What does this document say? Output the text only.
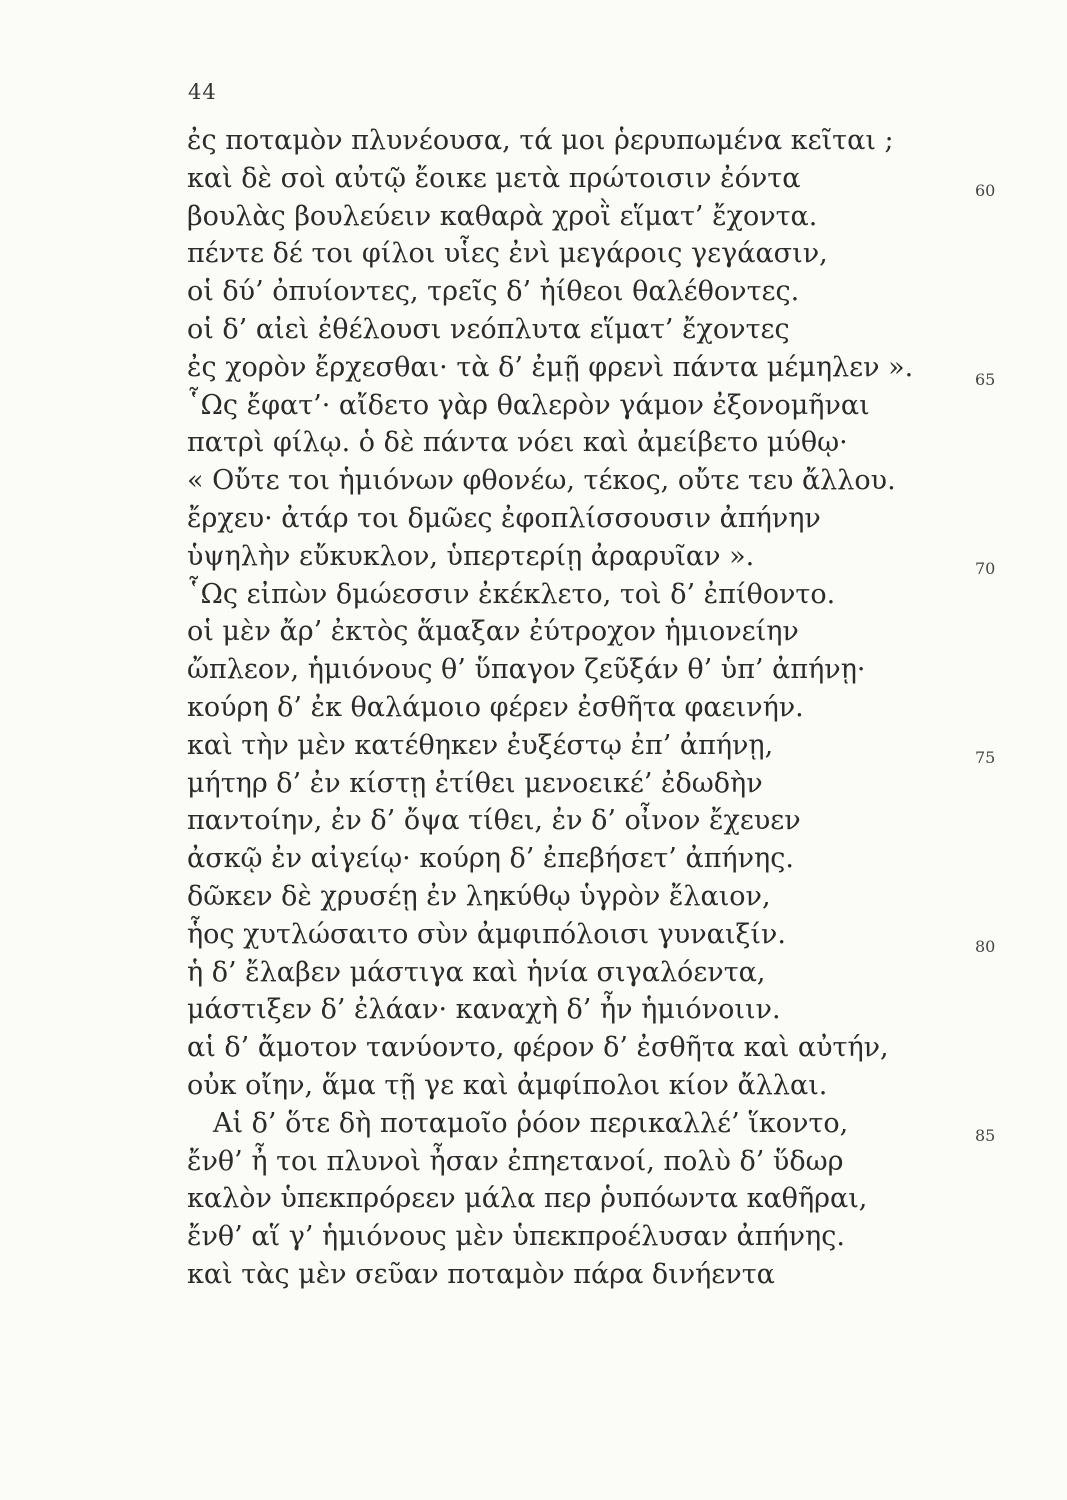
44
ἐς ποταμὸν πλυνέουσα, τά μοι ῥερυπωμένα κεῖται ;
καὶ δὲ σοὶ αὐτῷ ἔοικε μετὰ πρώτοισιν ἐόντα
βουλὰς βουλεύειν καθαρὰ χροῒ εἵματ’ ἔχοντα.
πέντε δέ τοι φίλοι υἷες ἐνὶ μεγάροις γεγάασιν,
οἱ δύ’ ὀπυίοντες, τρεῖς δ’ ἠίθεοι θαλέθοντες.
οἱ δ’ αἰεὶ ἐθέλουσι νεόπλυτα εἵματ’ ἔχοντες
ἐς χορὸν ἔρχεσθαι· τὰ δ’ ἐμῇ φρενὶ πάντα μέμηλεν ».
῟Ως ἔφατ’· αἴδετο γὰρ θαλερὸν γάμον ἐξονομῆναι
πατρὶ φίλῳ. ὁ δὲ πάντα νόει καὶ ἀμείβετο μύθῳ·
« Οὔτε τοι ἡμιόνων φθονέω, τέκος, οὔτε τευ ἄλλου.
ἔρχευ· ἀτάρ τοι δμῶες ἐφοπλίσσουσιν ἀπήνην
ὑψηλὴν εὔκυκλον, ὑπερτερίῃ ἀραρυῖαν ».
῟Ως εἰπὼν δμώεσσιν ἐκέκλετο, τοὶ δ’ ἐπίθοντο.
οἱ μὲν ἄρ’ ἐκτὸς ἅμαξαν ἐύτροχον ἡμιονείην
ὤπλεον, ἡμιόνους θ’ ὕπαγον ζεῦξάν θ’ ὑπ’ ἀπήνῃ·
κούρη δ’ ἐκ θαλάμοιο φέρεν ἐσθῆτα φαεινήν.
καὶ τὴν μὲν κατέθηκεν ἐυξέστῳ ἐπ’ ἀπήνῃ,
μήτηρ δ’ ἐν κίστῃ ἐτίθει μενοεικέ’ ἐδωδὴν
παντοίην, ἐν δ’ ὄψα τίθει, ἐν δ’ οἶνον ἔχευεν
ἀσκῷ ἐν αἰγείῳ· κούρη δ’ ἐπεβήσετ’ ἀπήνης.
δῶκεν δὲ χρυσέῃ ἐν ληκύθῳ ὑγρὸν ἔλαιον,
ἧος χυτλώσαιτο σὺν ἀμφιπόλοισι γυναιξίν.
ἡ δ’ ἔλαβεν μάστιγα καὶ ἡνία σιγαλόεντα,
μάστιξεν δ’ ἐλάαν· καναχὴ δ’ ἦν ἡμιόνοιιν.
αἱ δ’ ἄμοτον τανύοντο, φέρον δ’ ἐσθῆτα καὶ αὐτήν,
οὐκ οἴην, ἅμα τῇ γε καὶ ἀμφίπολοι κίον ἄλλαι.
Αἱ δ’ ὅτε δὴ ποταμοῖο ῥόον περικαλλέ’ ἵκοντο,
ἔνθ’ ἦ τοι πλυνοὶ ἦσαν ἐπηετανοί, πολὺ δ’ ὕδωρ
καλὸν ὑπεκπρόρεεν μάλα περ ῥυπόωντα καθῆραι,
ἔνθ’ αἵ γ’ ἡμιόνους μὲν ὑπεκπροέλυσαν ἀπήνης.
καὶ τὰς μὲν σεῦαν ποταμὸν πάρα δινήεντα
60
65
70
75
80
85
